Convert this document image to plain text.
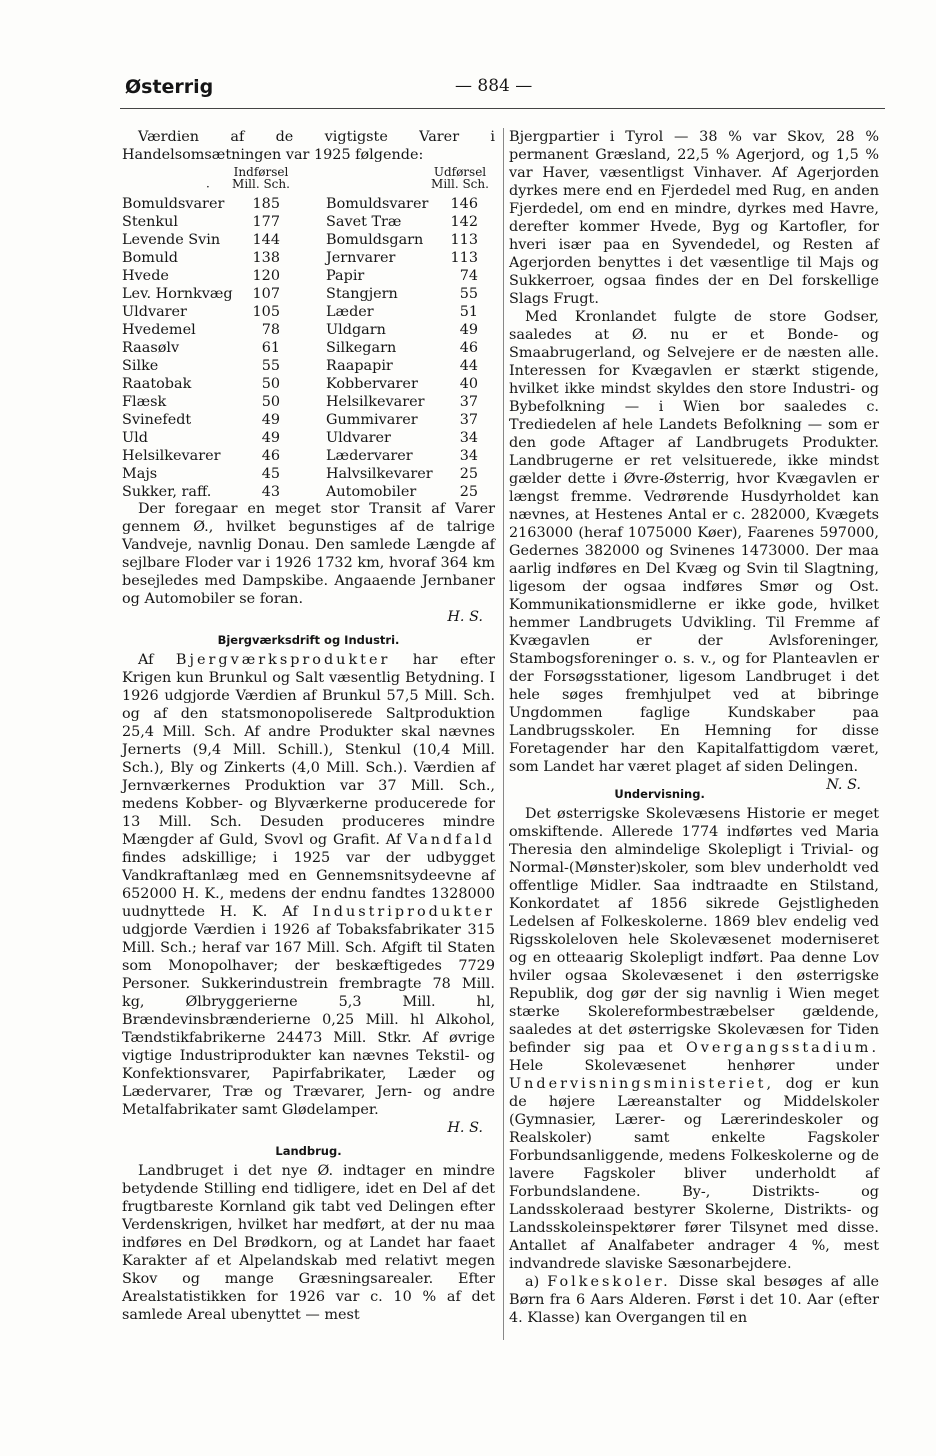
Østerrig	— 884 —

Værdien af de vigtigste Varer i Handelsomsætningen var 1925 følgende:

Indførsel
Mill. Sch.
·
Udførsel
Mill. Sch.
Bomuldsvarer 185	Bomuldsvarer 146
Stenkul	177	Savet Træ	142
Levende Svin 144	Bomuldsgarn 113
Bomuld	138	Jernvarer	113
Hvede	120	Papir	74
Lev. Hornkvæg 107	Stangjern	55
Uldvarer	105	Læder	51
Hvedemel	78	Uldgarn	49
Raasølv	61	Silkegarn	46
Silke	55	Raapapir	44
Raatobak	50	Kobbervarer	40
Flæsk	50	Helsilkevarer	37
Svinefedt	49	Gummivarer	37
Uld	49	Uldvarer	34
Helsilkevarer	46	Lædervarer	34
Majs	45	Halvsilkevarer	25
Sukker, raff.	43	Automobiler	25

Der foregaar en meget stor Transit af Varer gennem Ø., hvilket begunstiges af de talrige Vandveje, navnlig Donau. Den samlede Længde af sejlbare Floder var i 1926 1732 km, hvoraf 364 km besejledes med Dampskibe. Angaaende Jernbaner og Automobiler se foran.

H. S.

Bjergværksdrift og Industri.

Af Bjergværksprodukter har efter Krigen kun Brunkul og Salt væsentlig Betydning. I 1926 udgjorde Værdien af Brunkul 57,5 Mill. Sch. og af den statsmonopoliserede Saltproduktion 25,4 Mill. Sch. Af andre Produkter skal nævnes Jernerts (9,4 Mill. Schill.), Stenkul (10,4 Mill. Sch.), Bly og Zinkerts (4,0 Mill. Sch.). Værdien af Jernværkernes Produktion var 37 Mill. Sch., medens Kobber- og Blyværkerne producerede for 13 Mill. Sch. Desuden produceres mindre Mængder af Guld, Svovl og Grafit. Af Vandfald findes adskillige; i 1925 var der udbygget Vandkraftanlæg med en Gennemsnitsydeevne af 652000 H. K., medens der endnu fandtes 1328000 uudnyttede H. K. Af Industriprodukter udgjorde Værdien i 1926 af Tobaksfabrikater 315 Mill. Sch.; heraf var 167 Mill. Sch. Afgift til Staten som Monopolhaver; der beskæftigedes 7729 Personer. Sukkerindustrein frembragte 78 Mill. kg, Ølbryggerierne 5,3 Mill. hl, Brændevinsbrænderierne 0,25 Mill. hl Alkohol, Tændstikfabrikerne 24473 Mill. Stkr. Af øvrige vigtige Industriprodukter kan nævnes Tekstil- og Konfektionsvarer, Papirfabrikater, Læder og Lædervarer, Træ og Trævarer, Jern- og andre Metalfabrikater samt Glødelamper.

H. S.

Landbrug.

Landbruget i det nye Ø. indtager en mindre betydende Stilling end tidligere, idet en Del af det frugtbareste Kornland gik tabt ved Delingen efter Verdenskrigen, hvilket har medført, at der nu maa indføres en Del Brødkorn, og at Landet har faaet Karakter af et Alpelandskab med relativt megen Skov og mange Græsningsarealer. Efter Arealstatistikken for 1926 var c. 10 % af det samlede Areal ubenyttet — mest

Bjergpartier i Tyrol — 38 % var Skov, 28 % permanent Græsland, 22,5 % Agerjord, og 1,5 % var Haver, væsentligst Vinhaver. Af Agerjorden dyrkes mere end en Fjerdedel med Rug, en anden Fjerdedel, om end en mindre, dyrkes med Havre, derefter kommer Hvede, Byg og Kartofler, for hveri især paa en Syvendedel, og Resten af Agerjorden benyttes i det væsentlige til Majs og Sukkerroer, ogsaa findes der en Del forskellige Slags Frugt.

Med Kronlandet fulgte de store Godser, saaledes at Ø. nu er et Bonde- og Smaabrugerland, og Selvejere er de næsten alle. Interessen for Kvægavlen er stærkt stigende, hvilket ikke mindst skyldes den store Industri- og Bybefolkning — i Wien bor saaledes c. Trediedelen af hele Landets Befolkning — som er den gode Aftager af Landbrugets Produkter. Landbrugerne er ret velsituerede, ikke mindst gælder dette i Øvre-Østerrig, hvor Kvægavlen er længst fremme. Vedrørende Husdyrholdet kan nævnes, at Hestenes Antal er c. 282000, Kvægets 2163000 (heraf 1075000 Køer), Faarenes 597000, Gedernes 382000 og Svinenes 1473000. Der maa aarlig indføres en Del Kvæg og Svin til Slagtning, ligesom der ogsaa indføres Smør og Ost. Kommunikationsmidlerne er ikke gode, hvilket hemmer Landbrugets Udvikling. Til Fremme af Kvægavlen er der Avlsforeninger, Stambogsforeninger o. s. v., og for Planteavlen er der Forsøgsstationer, ligesom Landbruget i det hele søges fremhjulpet ved at bibringe Ungdommen faglige Kundskaber paa Landbrugsskoler. En Hemning for disse Foretagender har den Kapitalfattigdom været, som Landet har været plaget af siden Delingen.
N. S.

Undervisning.

Det østerrigske Skolevæsens Historie er meget omskiftende. Allerede 1774 indførtes ved Maria Theresia den almindelige Skolepligt i Trivial- og Normal-(Mønster)skoler, som blev underholdt ved offentlige Midler. Saa indtraadte en Stilstand, Konkordatet af 1856 sikrede Gejstligheden Ledelsen af Folkeskolerne. 1869 blev endelig ved Rigsskoleloven hele Skolevæsenet moderniseret og en otteaarig Skolepligt indført. Paa denne Lov hviler ogsaa Skolevæsenet i den østerrigske Republik, dog gør der sig navnlig i Wien meget stærke Skolereformbestræbelser gældende, saaledes at det østerrigske Skolevæsen for Tiden befinder sig paa et Overgangsstadium. Hele Skolevæsenet henhører under Undervisningsministeriet, dog er kun de højere Læreanstalter og Middelskoler (Gymnasier, Lærer- og Lærerindeskoler og Realskoler) samt enkelte Fagskoler Forbundsanliggende, medens Folkeskolerne og de lavere Fagskoler bliver underholdt af Forbundslandene. By-, Distrikts- og Landsskoleraad bestyrer Skolerne, Distrikts- og Landsskoleinspektører fører Tilsynet med disse. Antallet af Analfabeter andrager 4 %, mest indvandrede slaviske Sæsonarbejdere.

a) Folkeskoler. Disse skal besøges af alle Børn fra 6 Aars Alderen. Først i det 10. Aar (efter 4. Klasse) kan Overgangen til en
